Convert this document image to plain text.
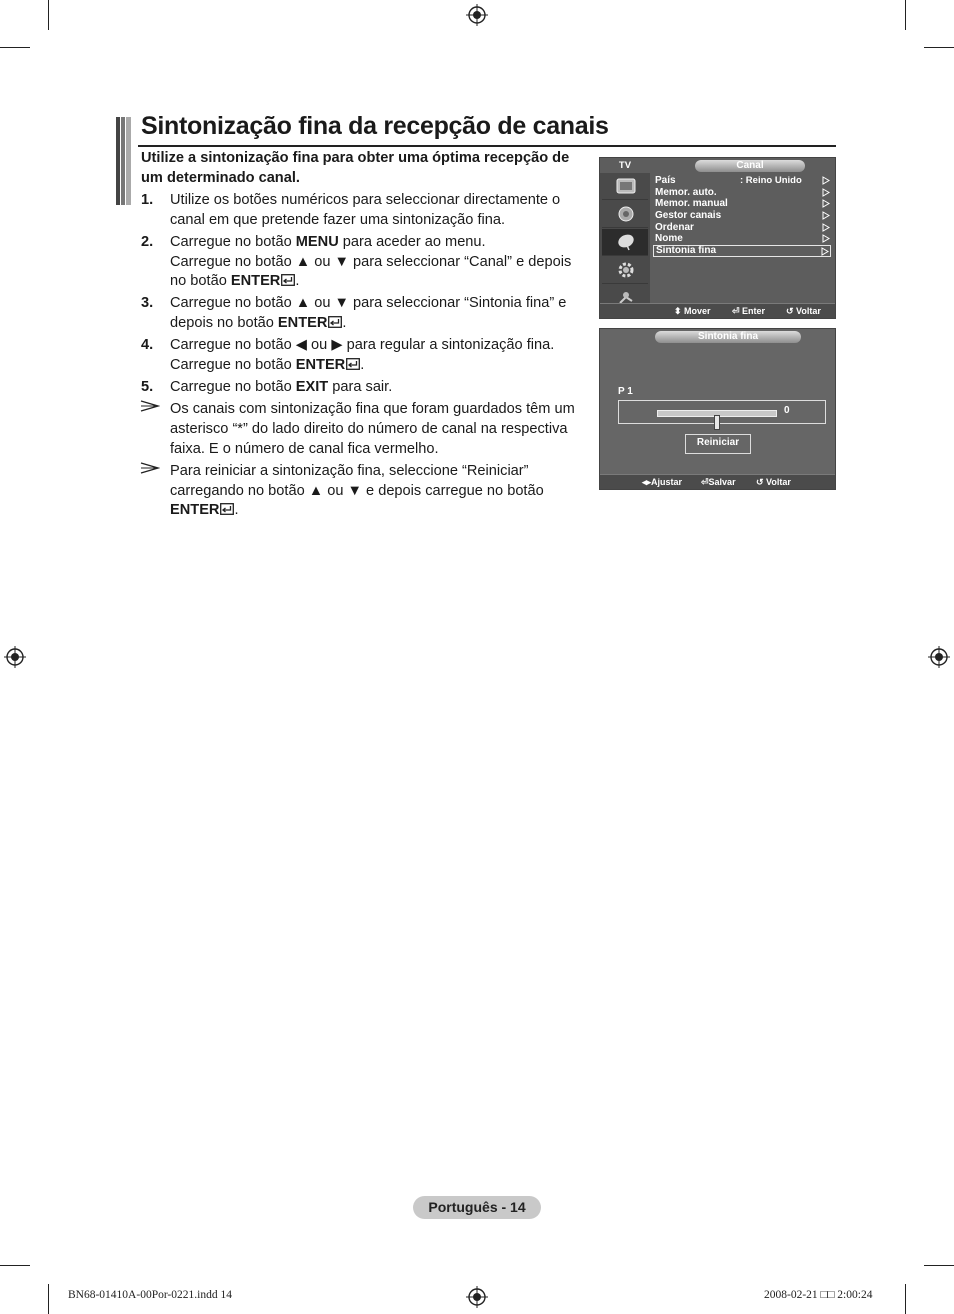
Sintonização fina da recepção de canais

Utilize a sintonização fina para obter uma óptima recepção de um determinado canal.

1. Utilize os botões numéricos para seleccionar directamente o canal em que pretende fazer uma sintonização fina.

2. Carregue no botão MENU para aceder ao menu.

Carregue no botão ▲ ou ▼ para seleccionar “Canal” e depois no botão ENTER .

3. Carregue no botão ▲ ou ▼ para seleccionar “Sintonia fina” e depois no botão ENTER .

4. Carregue no botão ◀ ou ▶ para regular a sintonização fina.

Carregue no botão ENTER .

5. Carregue no botão EXIT para sair.

Os canais com sintonização fina que foram guardados têm um asterisco “*” do lado direito do número de canal na respectiva faixa. E o número de canal fica vermelho.

Para reiniciar a sintonização fina, seleccione “Reiniciar” carregando no botão ▲ ou ▼ e depois carregue no botão ENTER .

TV	Canal
País	: Reino Unido
Memor. auto.
Memor. manual
Gestor canais
Ordenar
Nome
Sintonia fina
⬍ Mover ⏎ Enter ↺ Voltar
Sintonia fina
P 1
0
Reiniciar
◂▸Ajustar ⏎Salvar ↺ Voltar
Português - 14
BN68-01410A-00Por-0221.indd 14	2008-02-21 □□ 2:00:24
